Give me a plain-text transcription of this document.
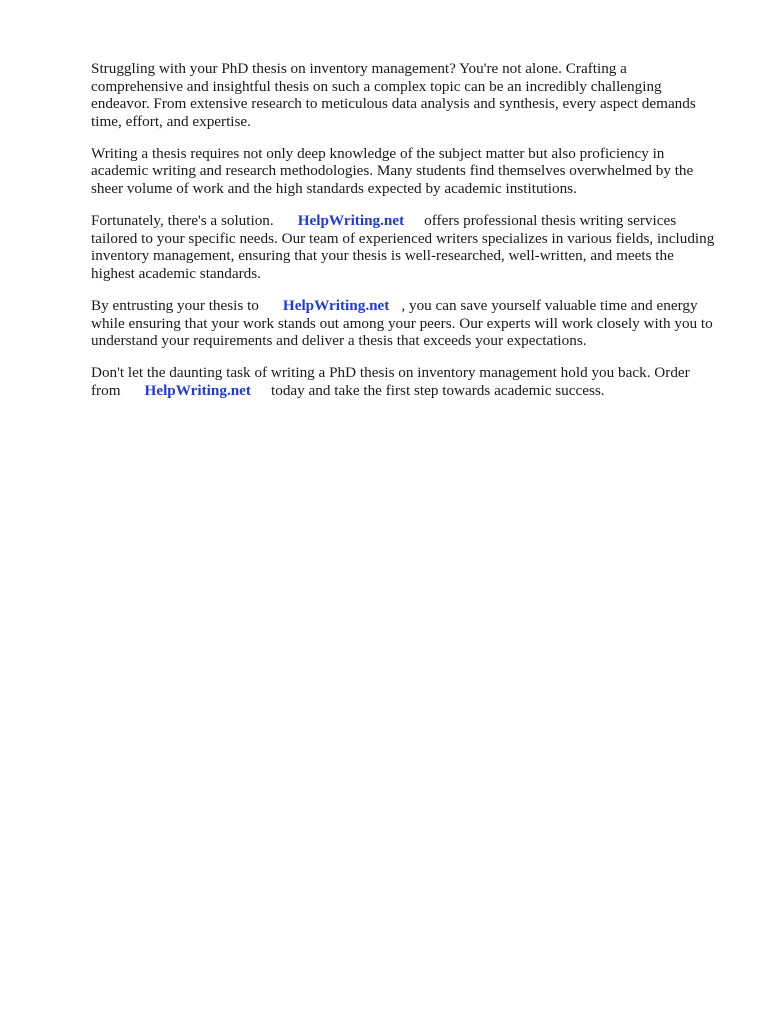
Struggling with your PhD thesis on inventory management? You're not alone. Crafting a comprehensive and insightful thesis on such a complex topic can be an incredibly challenging endeavor. From extensive research to meticulous data analysis and synthesis, every aspect demands time, effort, and expertise.

Writing a thesis requires not only deep knowledge of the subject matter but also proficiency in academic writing and research methodologies. Many students find themselves overwhelmed by the sheer volume of work and the high standards expected by academic institutions.

Fortunately, there's a solution. HelpWriting.net offers professional thesis writing services tailored to your specific needs. Our team of experienced writers specializes in various fields, including inventory management, ensuring that your thesis is well-researched, well-written, and meets the highest academic standards.

By entrusting your thesis to HelpWriting.net , you can save yourself valuable time and energy while ensuring that your work stands out among your peers. Our experts will work closely with you to understand your requirements and deliver a thesis that exceeds your expectations.

Don't let the daunting task of writing a PhD thesis on inventory management hold you back. Order from HelpWriting.net today and take the first step towards academic success.
